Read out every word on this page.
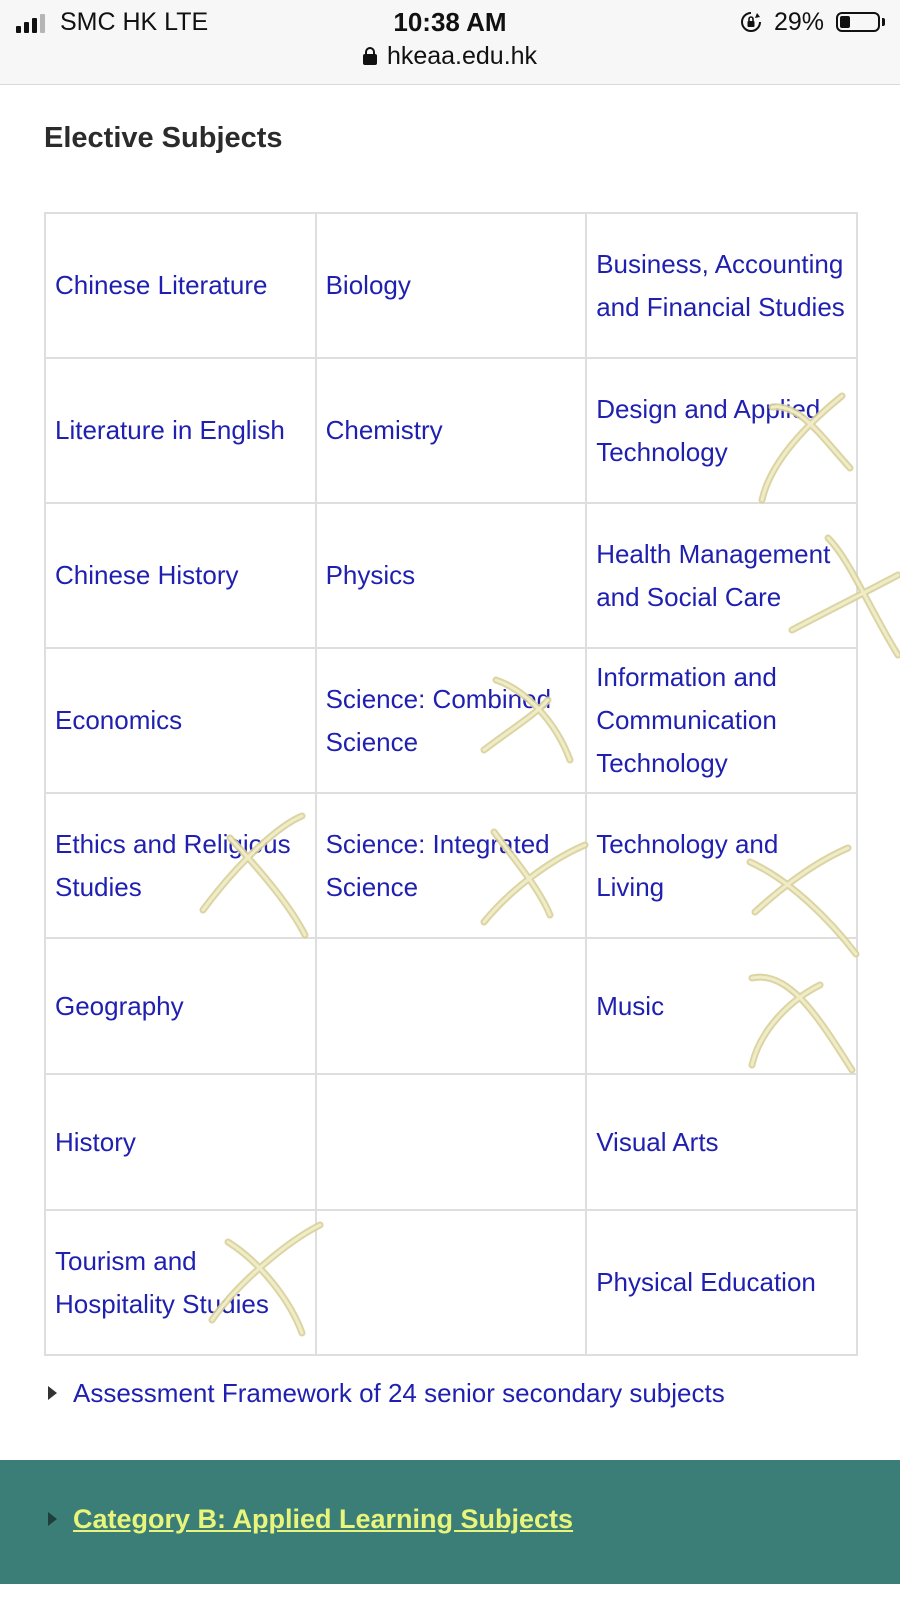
SMC HK LTE	10:38 AM	29%
hkeaa.edu.hk
Elective Subjects
Chinese Literature	Biology	Business, Accounting and Financial Studies
Literature in English	Chemistry	Design and Applied Technology
Chinese History	Physics	Health Management and Social Care
Economics	Science: Combined Science	Information and Communication Technology
Ethics and Religious Studies	Science: Integrated Science	Technology and Living
Geography		Music
History		Visual Arts
Tourism and Hospitality Studies		Physical Education
Assessment Framework of 24 senior secondary subjects
Category B: Applied Learning Subjects
